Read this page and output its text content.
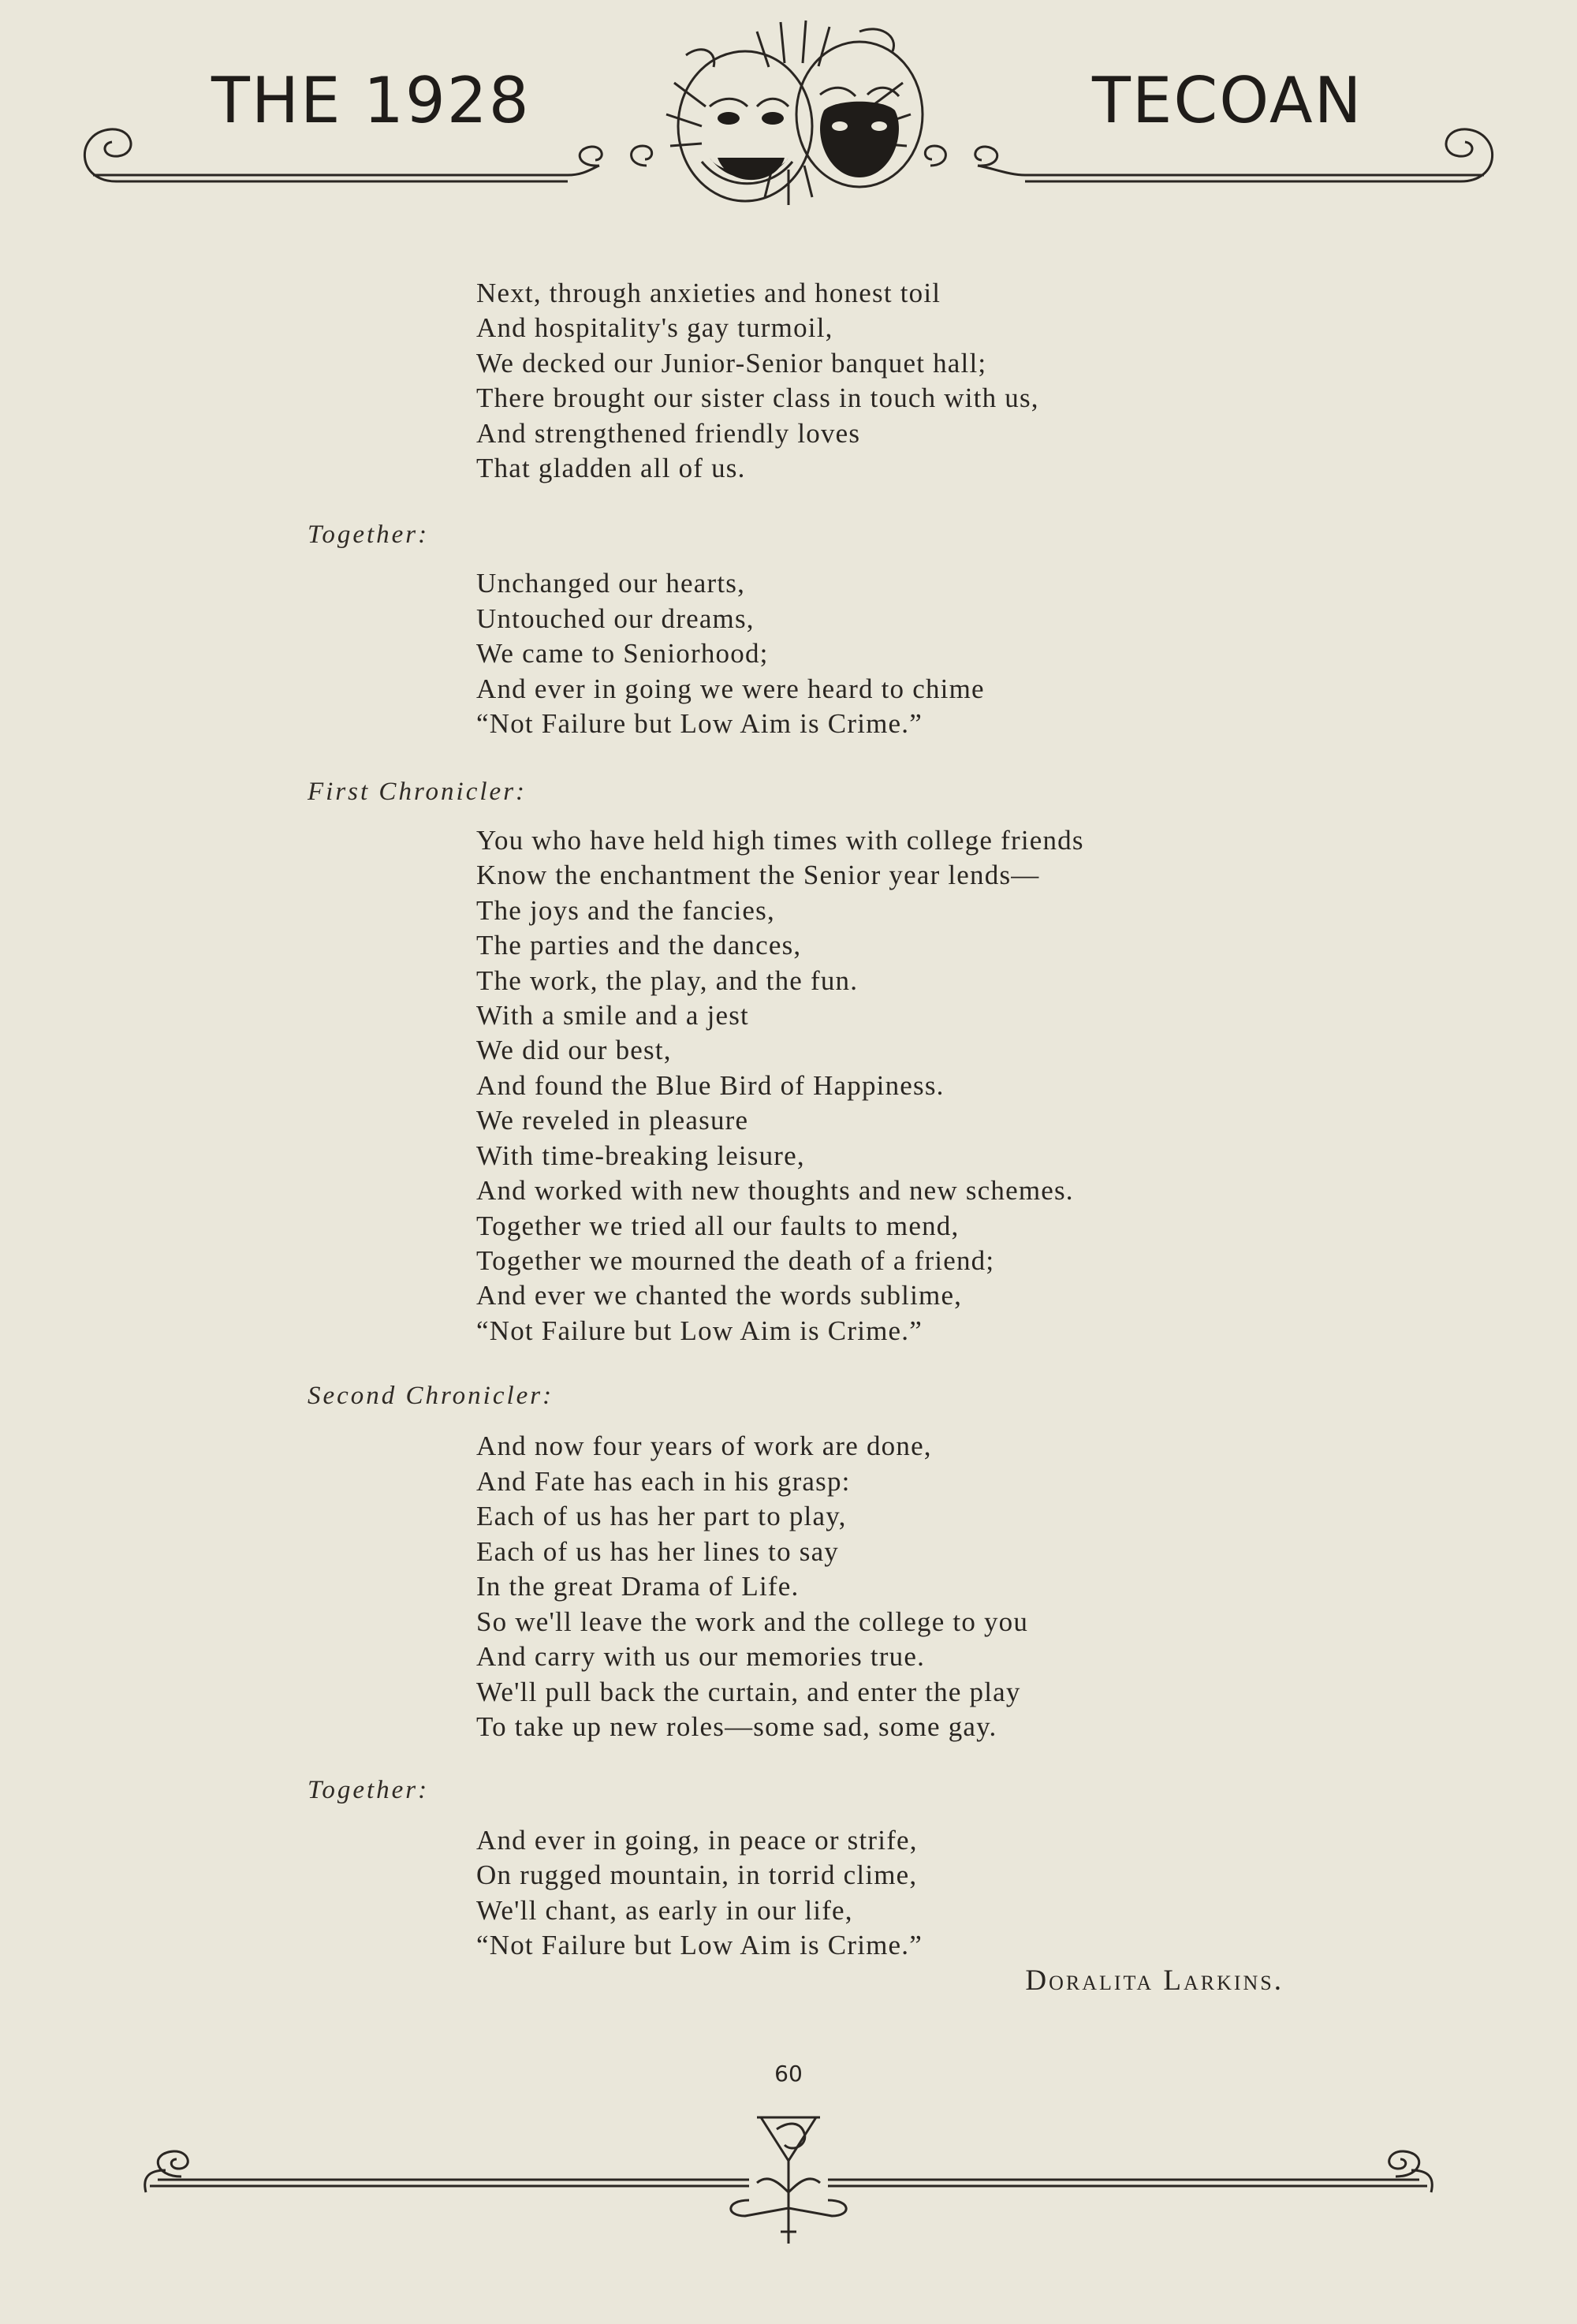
THE 1928	TECOAN
Next, through anxieties and honest toil
And hospitality's gay turmoil,
We decked our Junior-Senior banquet hall;
There brought our sister class in touch with us,
And strengthened friendly loves
That gladden all of us.
Together:
Unchanged our hearts,
Untouched our dreams,
We came to Seniorhood;
And ever in going we were heard to chime
“Not Failure but Low Aim is Crime.”
First Chronicler:
You who have held high times with college friends
Know the enchantment the Senior year lends—
The joys and the fancies,
The parties and the dances,
The work, the play, and the fun.
With a smile and a jest
We did our best,
And found the Blue Bird of Happiness.
We reveled in pleasure
With time-breaking leisure,
And worked with new thoughts and new schemes.
Together we tried all our faults to mend,
Together we mourned the death of a friend;
And ever we chanted the words sublime,
“Not Failure but Low Aim is Crime.”
Second Chronicler:
And now four years of work are done,
And Fate has each in his grasp:
Each of us has her part to play,
Each of us has her lines to say
In the great Drama of Life.
So we'll leave the work and the college to you
And carry with us our memories true.
We'll pull back the curtain, and enter the play
To take up new roles—some sad, some gay.
Together:
And ever in going, in peace or strife,
On rugged mountain, in torrid clime,
We'll chant, as early in our life,
“Not Failure but Low Aim is Crime.”
Doralita Larkins.
60
